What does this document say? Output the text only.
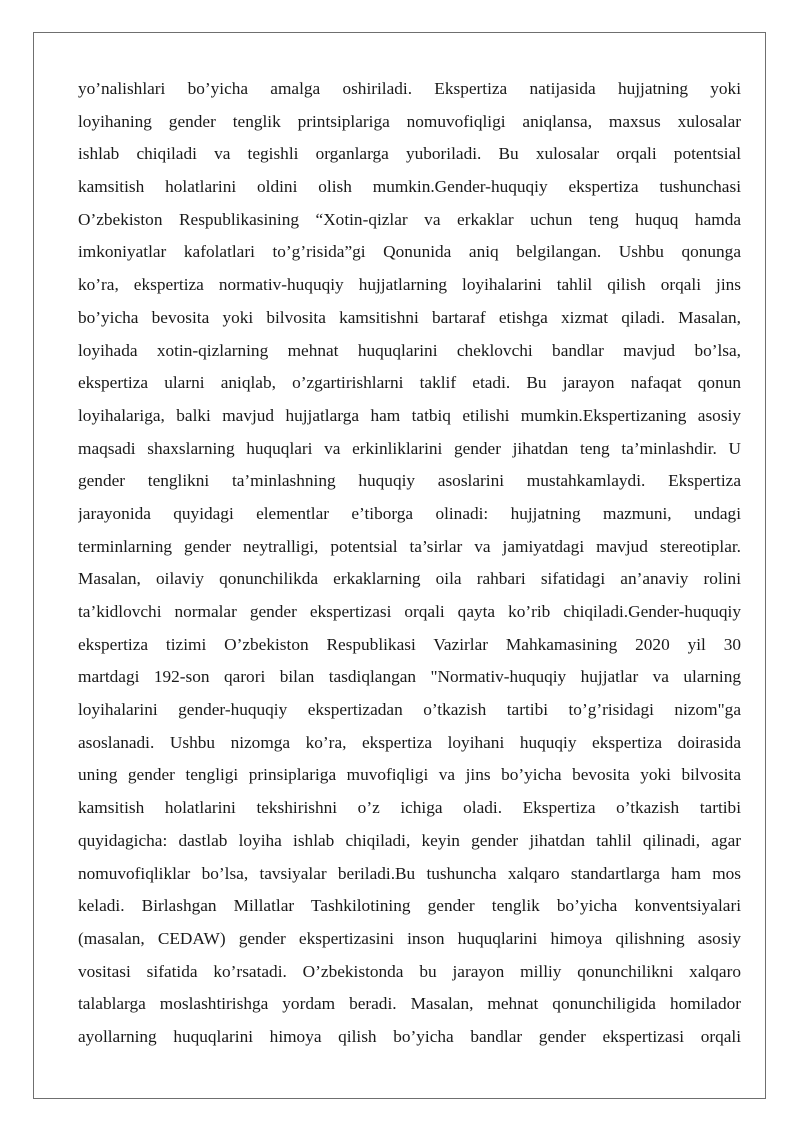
yo’nalishlari bo’yicha amalga oshiriladi. Ekspertiza natijasida hujjatning yoki
loyihaning gender tenglik printsiplariga nomuvofiqligi aniqlansa, maxsus xulosalar
ishlab chiqiladi va tegishli organlarga yuboriladi. Bu xulosalar orqali potentsial
kamsitish holatlarini oldini olish mumkin.Gender-huquqiy ekspertiza tushunchasi
O’zbekiston Respublikasining “Xotin-qizlar va erkaklar uchun teng huquq hamda
imkoniyatlar kafolatlari to’g’risida”gi Qonunida aniq belgilangan. Ushbu qonunga
ko’ra, ekspertiza normativ-huquqiy hujjatlarning loyihalarini tahlil qilish orqali jins
bo’yicha bevosita yoki bilvosita kamsitishni bartaraf etishga xizmat qiladi. Masalan,
loyihada xotin-qizlarning mehnat huquqlarini cheklovchi bandlar mavjud bo’lsa,
ekspertiza ularni aniqlab, o’zgartirishlarni taklif etadi. Bu jarayon nafaqat qonun
loyihalariga, balki mavjud hujjatlarga ham tatbiq etilishi mumkin.Ekspertizaning asosiy
maqsadi shaxslarning huquqlari va erkinliklarini gender jihatdan teng ta’minlashdir. U
gender tenglikni ta’minlashning huquqiy asoslarini mustahkamlaydi. Ekspertiza
jarayonida quyidagi elementlar e’tiborga olinadi: hujjatning mazmuni, undagi
terminlarning gender neytralligi, potentsial ta’sirlar va jamiyatdagi mavjud stereotiplar.
Masalan, oilaviy qonunchilikda erkaklarning oila rahbari sifatidagi an’anaviy rolini
ta’kidlovchi normalar gender ekspertizasi orqali qayta ko’rib chiqiladi.Gender-huquqiy
ekspertiza tizimi O’zbekiston Respublikasi Vazirlar Mahkamasining 2020 yil 30
martdagi 192-son qarori bilan tasdiqlangan "Normativ-huquqiy hujjatlar va ularning
loyihalarini gender-huquqiy ekspertizadan o’tkazish tartibi to’g’risidagi nizom"ga
asoslanadi. Ushbu nizomga ko’ra, ekspertiza loyihani huquqiy ekspertiza doirasida
uning gender tengligi prinsiplariga muvofiqligi va jins bo’yicha bevosita yoki bilvosita
kamsitish holatlarini tekshirishni o’z ichiga oladi. Ekspertiza o’tkazish tartibi
quyidagicha: dastlab loyiha ishlab chiqiladi, keyin gender jihatdan tahlil qilinadi, agar
nomuvofiqliklar bo’lsa, tavsiyalar beriladi.Bu tushuncha xalqaro standartlarga ham mos
keladi. Birlashgan Millatlar Tashkilotining gender tenglik bo’yicha konventsiyalari
(masalan, CEDAW) gender ekspertizasini inson huquqlarini himoya qilishning asosiy
vositasi sifatida ko’rsatadi. O’zbekistonda bu jarayon milliy qonunchilikni xalqaro
talablarga moslashtirishga yordam beradi. Masalan, mehnat qonunchiligida homilador
ayollarning huquqlarini himoya qilish bo’yicha bandlar gender ekspertizasi orqali
